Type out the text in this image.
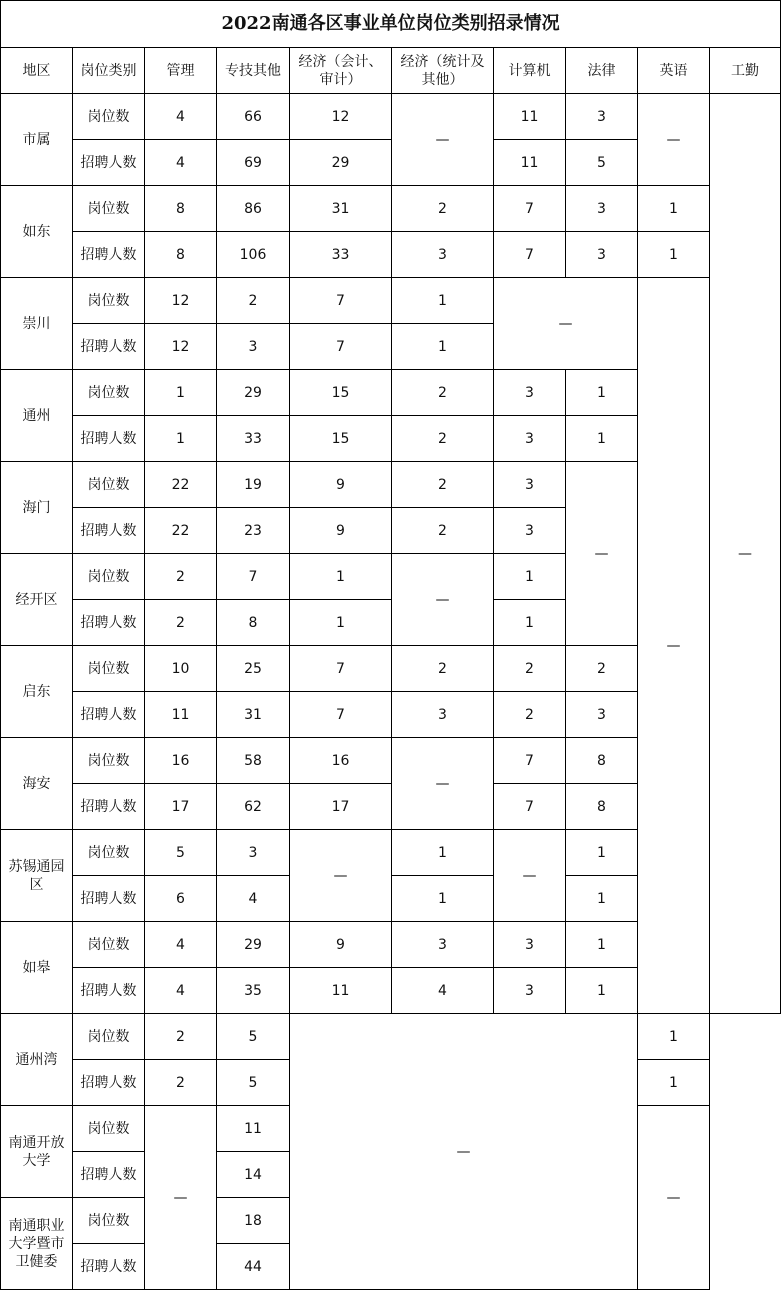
2022南通各区事业单位岗位类别招录情况									
地区	岗位类别	管理	专技其他	经济（会计、审计）	经济（统计及其他）	计算机	法律	英语	工勤
市属	岗位数	4	66	12	—	11	3	—	—
	招聘人数	4	69	29		11	5		
如东	岗位数	8	86	31	2	7	3	1	
	招聘人数	8	106	33	3	7	3	1	
崇川	岗位数	12	2	7	1	—		—	
	招聘人数	12	3	7	1				
通州	岗位数	1	29	15	2	3	1		
	招聘人数	1	33	15	2	3	1		
海门	岗位数	22	19	9	2	3	—		
	招聘人数	22	23	9	2	3			
经开区	岗位数	2	7	1	—	1			
	招聘人数	2	8	1		1			
启东	岗位数	10	25	7	2	2	2		
	招聘人数	11	31	7	3	2	3		
海安	岗位数	16	58	16	—	7	8		
	招聘人数	17	62	17		7	8		
苏锡通园区	岗位数	5	3	—	1	—	1		
	招聘人数	6	4		1		1		
如皋	岗位数	4	29	9	3	3	1		
	招聘人数	4	35	11	4	3	1		
通州湾	岗位数	2	5	—				1	
	招聘人数	2	5					1	
南通开放大学	岗位数	—	11					—	
	招聘人数		14						
南通职业大学暨市卫健委	岗位数		18						
	招聘人数		44						
